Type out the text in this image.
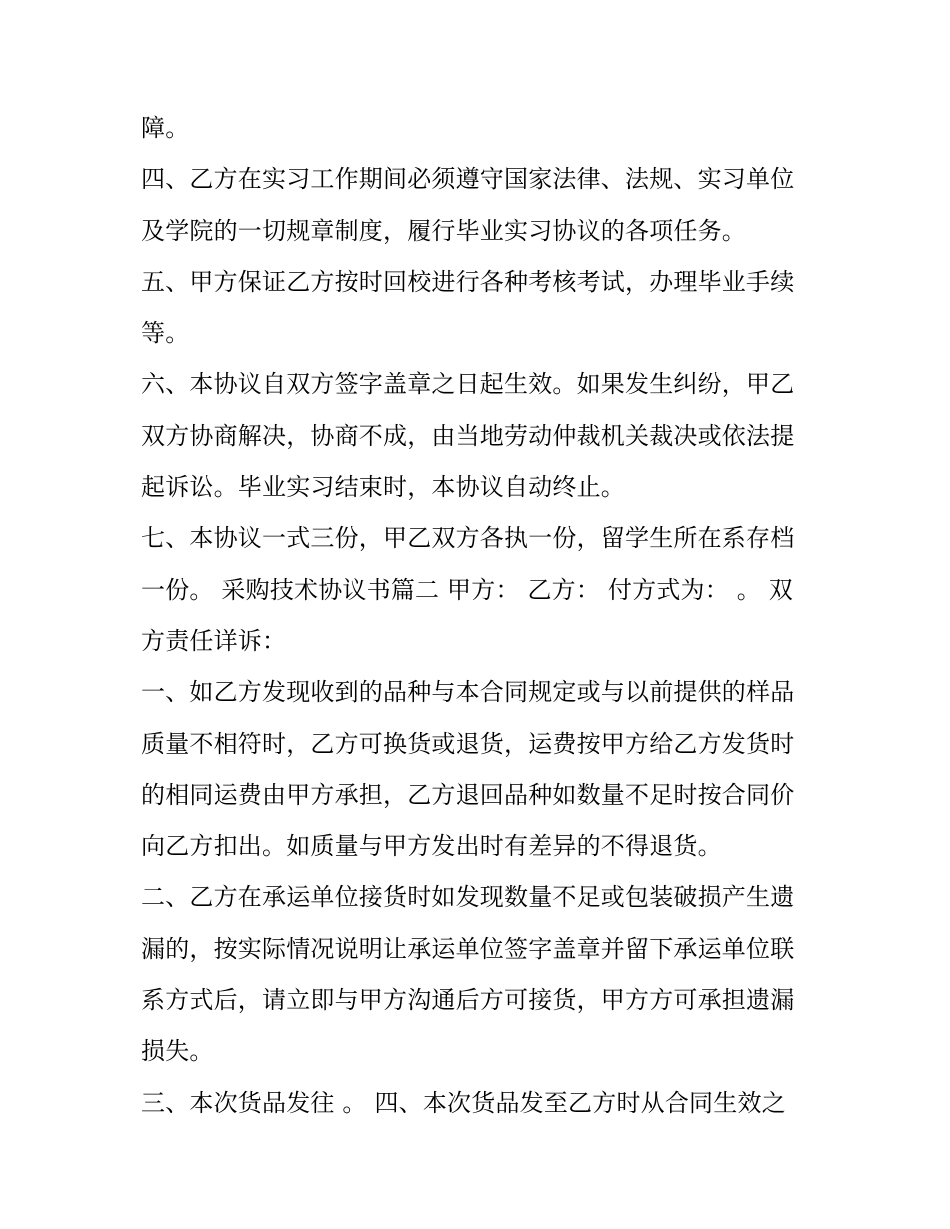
障。
四、乙方在实习工作期间必须遵守国家法律、法规、实习单位
及学院的一切规章制度，履行毕业实习协议的各项任务。
五、甲方保证乙方按时回校进行各种考核考试，办理毕业手续
等。
六、本协议自双方签字盖章之日起生效。如果发生纠纷，甲乙
双方协商解决，协商不成，由当地劳动仲裁机关裁决或依法提
起诉讼。毕业实习结束时，本协议自动终止。
七、本协议一式三份，甲乙双方各执一份，留学生所在系存档
一份。 采购技术协议书篇二 甲方： 乙方： 付方式为： 。 双
方责任详诉：
一、如乙方发现收到的品种与本合同规定或与以前提供的样品
质量不相符时，乙方可换货或退货，运费按甲方给乙方发货时
的相同运费由甲方承担，乙方退回品种如数量不足时按合同价
向乙方扣出。如质量与甲方发出时有差异的不得退货。
二、乙方在承运单位接货时如发现数量不足或包装破损产生遗
漏的，按实际情况说明让承运单位签字盖章并留下承运单位联
系方式后，请立即与甲方沟通后方可接货，甲方方可承担遗漏
损失。
三、本次货品发往 。 四、本次货品发至乙方时从合同生效之
